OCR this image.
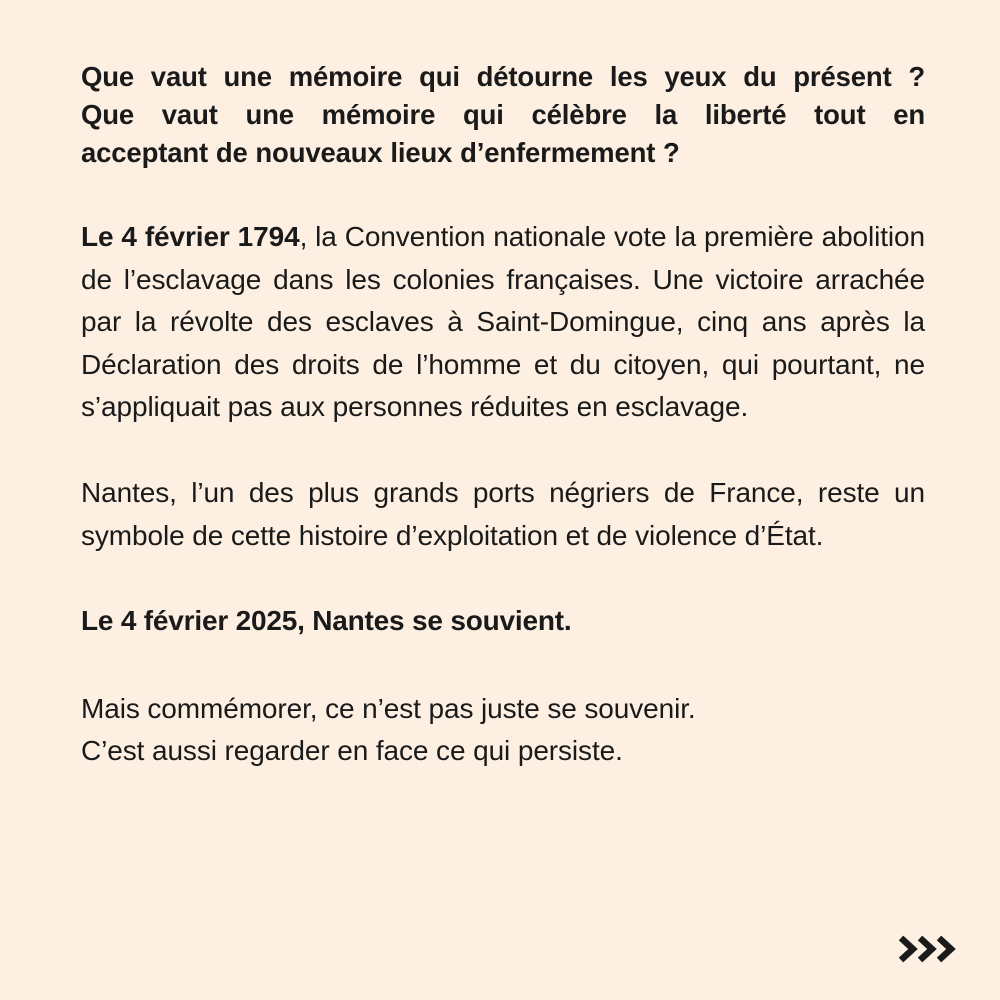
Que vaut une mémoire qui détourne les yeux du présent ?
Que vaut une mémoire qui célèbre la liberté tout en
acceptant de nouveaux lieux d’enfermement ?

Le 4 février 1794, la Convention nationale vote la première abolition de l’esclavage dans les colonies françaises. Une victoire arrachée par la révolte des esclaves à Saint-Domingue, cinq ans après la Déclaration des droits de l’homme et du citoyen, qui pourtant, ne s’appliquait pas aux personnes réduites en esclavage.

Nantes, l’un des plus grands ports négriers de France, reste un symbole de cette histoire d’exploitation et de violence d’État.

Le 4 février 2025, Nantes se souvient.

Mais commémorer, ce n’est pas juste se souvenir.
C’est aussi regarder en face ce qui persiste.
